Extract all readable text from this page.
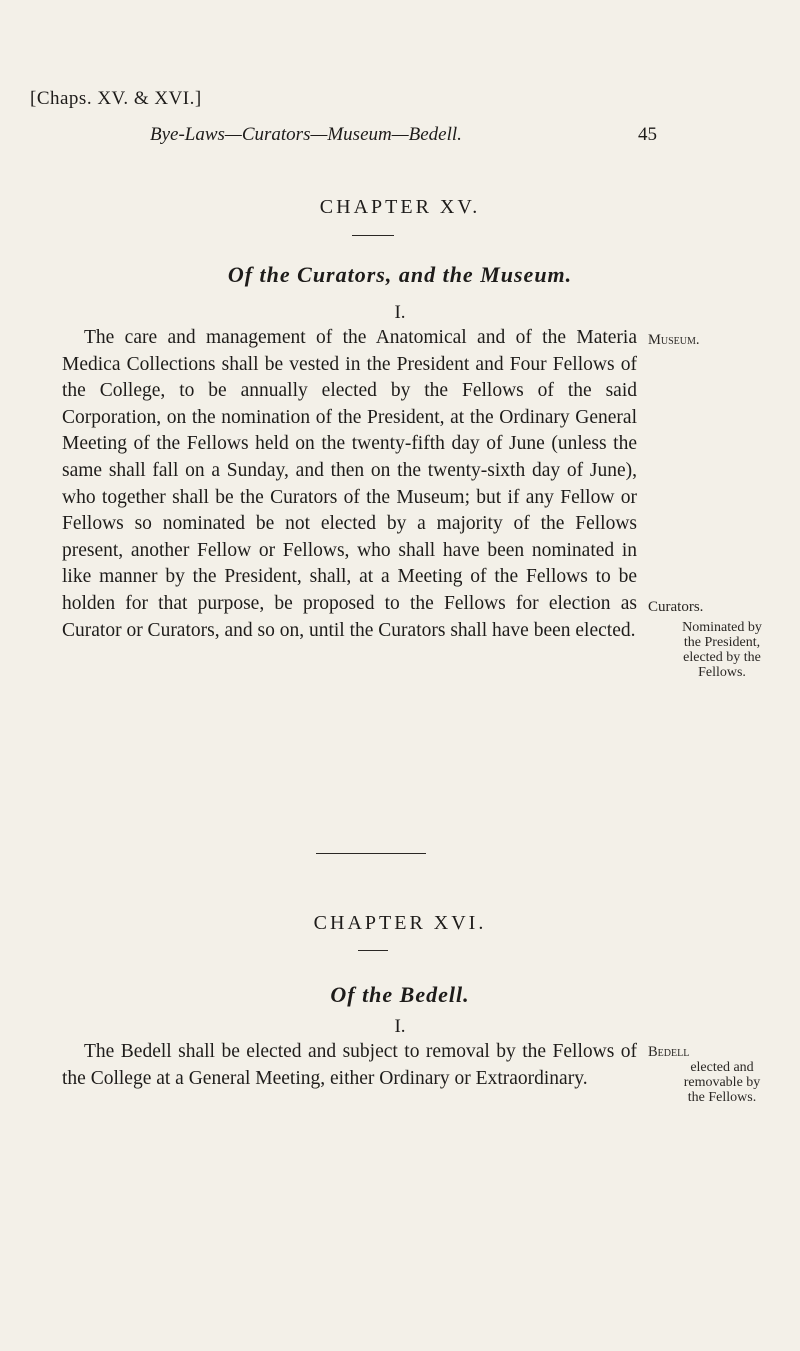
[Chaps. XV. & XVI.]
Bye-Laws—Curators—Museum—Bedell.	45
CHAPTER XV.
Of the Curators, and the Museum.
I.

The care and management of the Anatomical and of the Materia Medica Collections shall be vested in the President and Four Fellows of the College, to be annually elected by the Fellows of the said Corporation, on the nomination of the President, at the Ordinary General Meeting of the Fellows held on the twenty-fifth day of June (unless the same shall fall on a Sunday, and then on the twenty-sixth day of June), who together shall be the Curators of the Museum; but if any Fellow or Fellows so nominated be not elected by a majority of the Fellows present, another Fellow or Fellows, who shall have been nominated in like manner by the President, shall, at a Meeting of the Fellows to be holden for that purpose, be proposed to the Fellows for election as Curator or Curators, and so on, until the Curators shall have been elected.

Museum.
Curators.
Nominated by
the President,
elected by the
Fellows.
CHAPTER XVI.
Of the Bedell.
I.

The Bedell shall be elected and subject to removal by the Fellows of the College at a General Meeting, either Ordinary or Extraordinary.

Bedell
elected and
removable by
the Fellows.
